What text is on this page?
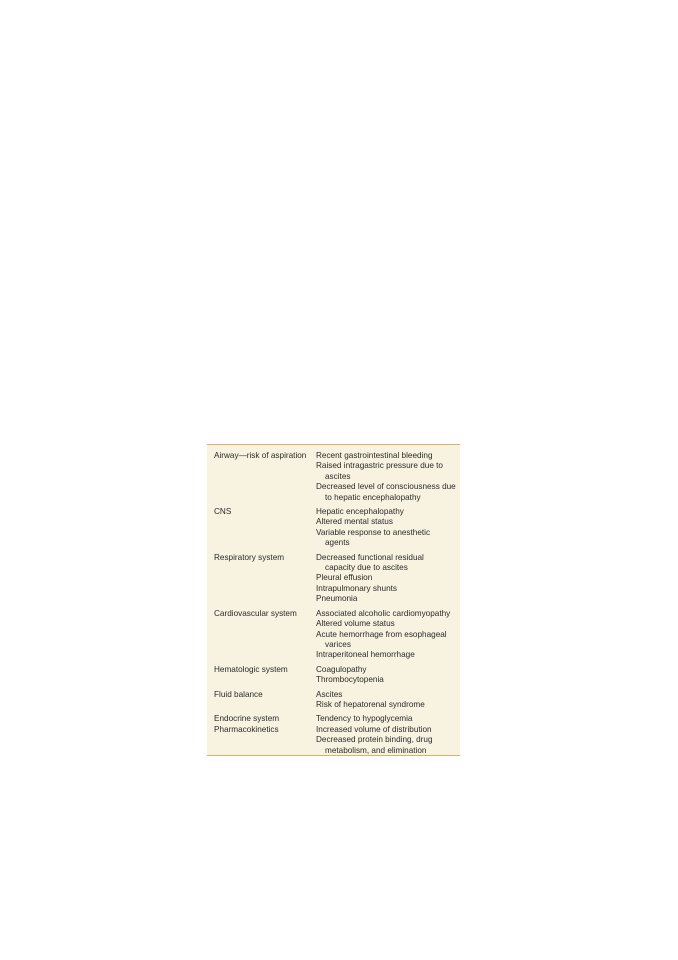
Airway—risk of aspiration	Recent gastrointestinal bleeding
Raised intragastric pressure due to ascites
Decreased level of consciousness due to hepatic encephalopathy

CNS	Hepatic encephalopathy
Altered mental status
Variable response to anesthetic agents

Respiratory system	Decreased functional residual capacity due to ascites
Pleural effusion
Intrapulmonary shunts
Pneumonia

Cardiovascular system	Associated alcoholic cardiomyopathy
Altered volume status
Acute hemorrhage from esophageal varices
Intraperitoneal hemorrhage

Hematologic system	Coagulopathy
Thrombocytopenia

Fluid balance	Ascites
Risk of hepatorenal syndrome

Endocrine system	Tendency to hypoglycemia

Pharmacokinetics	Increased volume of distribution
Decreased protein binding, drug metabolism, and elimination
